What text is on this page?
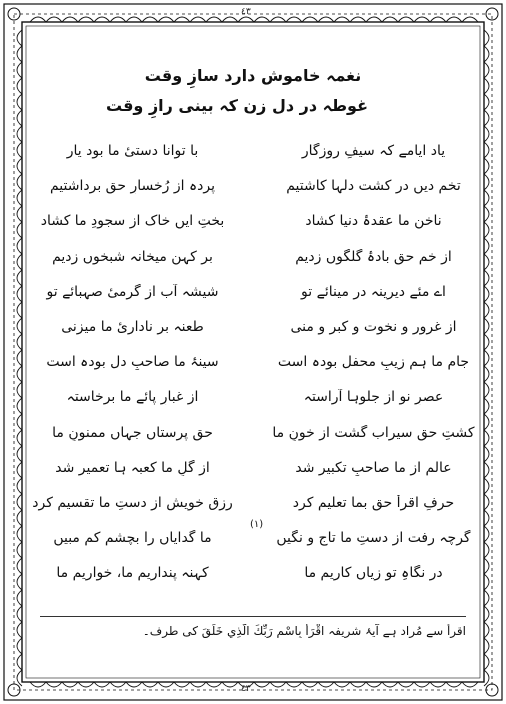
٤٣
نغمہ خاموش دارد سازِ وقت
غوطہ در دل زن کہ بینی رازِ وقت
یاد ایامے کہ سیفِ روزگار
با توانا دستیٔ ما بود یار
تخمِ دیں در کشت دلہا کاشتیم
پردہ از رُخسارِ حق برداشتیم
ناخنِ ما عقدۂ دنیا کشاد
بختِ ایں خاک از سجودِ ما کشاد
از خمِ حق بادۂ گلگوں زدیم
بر کہن میخانہ شبخوں زدیم
اے مئے دیرینہ در مینائے تو
شیشہ آب از گرمیٔ صہبائے تو
از غرور و نخوت و کبر و منی
طعنہ بر ناداریٔ ما میزنی
جامِ ما ہم زیبِ محفل بودہ است
سینۂ ما صاحبِ دل بودہ است
عصرِ نو از جلوہا آراستہ
از غبارِ پائے ما برخاستہ
کشتِ حق سیراب گشت از خونِ ما
حق پرستاں جہاں ممنونِ ما
عالم از ما صاحبِ تکبیر شد
از گلِ ما کعبہ ہا تعمیر شد
حرفِ اقرأ حق بما تعلیم کرد
رزقِ خویش از دستِ ما تقسیم کرد
گرچہ رفت از دستِ ما تاج و نگیں
ما گدایاں را بچشمِ کم مبیں
در نگاہِ تو زیاں کاریم ما
کہنہ پنداریم ما، خواریم ما
(۱)
اقرأ سے مُراد ہے آیۂ شریفہ اقْرَأْ بِاسْمِ رَبِّكَ الَّذِي خَلَقَ کی طرف۔
٤٣
